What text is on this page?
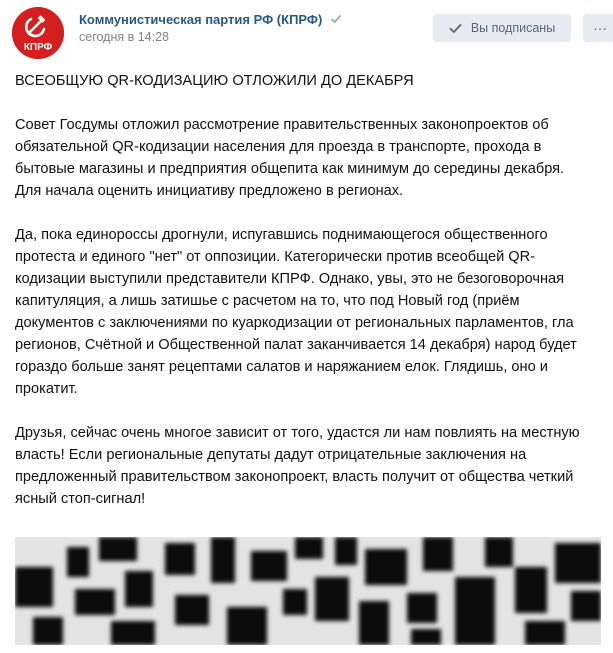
КПРФ
Коммунистическая партия РФ (КПРФ)
сегодня в 14:28
Вы подписаны	···

ВСЕОБЩУЮ QR-КОДИЗАЦИЮ ОТЛОЖИЛИ ДО ДЕКАБРЯ

Совет Госдумы отложил рассмотрение правительственных законопроектов об
обязательной QR-кодизации населения для проезда в транспорте, прохода в
бытовые магазины и предприятия общепита как минимум до середины декабря.
Для начала оценить инициативу предложено в регионах.

Да, пока единороссы дрогнули, испугавшись поднимающегося общественного
протеста и единого "нет" от оппозиции. Категорически против всеобщей QR-
кодизации выступили представители КПРФ. Однако, увы, это не безоговорочная
капитуляция, а лишь затишье с расчетом на то, что под Новый год (приём
документов с заключениями по куаркодизации от региональных парламентов, гла
регионов, Счётной и Общественной палат заканчивается 14 декабря) народ будет
гораздо больше занят рецептами салатов и наряжанием елок. Глядишь, оно и
прокатит.

Друзья, сейчас очень многое зависит от того, удастся ли нам повлиять на местную
власть! Если региональные депутаты дадут отрицательные заключения на
предложенный правительством законопроект, власть получит от общества четкий
ясный стоп-сигнал!
